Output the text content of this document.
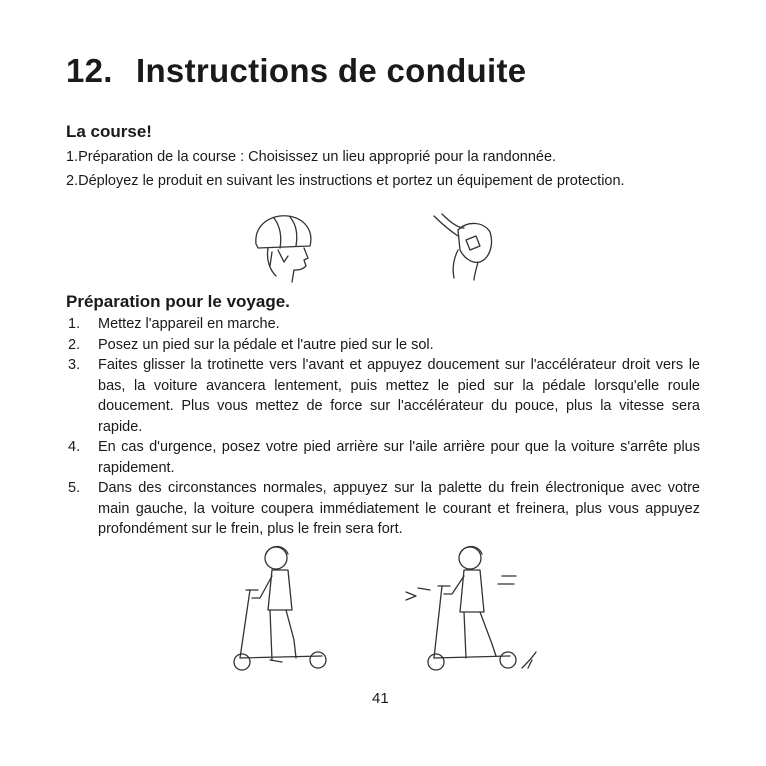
12. Instructions de conduite
La course!

1.Préparation de la course : Choisissez un lieu approprié pour la randonnée.

2.Déployez le produit en suivant les instructions et portez un équipement de protection.

Préparation pour le voyage.
1. Mettez l'appareil en marche.
2. Posez un pied sur la pédale et l'autre pied sur le sol.
3. Faites glisser la trotinette vers l'avant et appuyez doucement sur l'accélérateur droit vers le bas, la voiture avancera lentement, puis mettez le pied sur la pédale lorsqu'elle roule doucement. Plus vous mettez de force sur l'accélérateur du pouce, plus la vitesse sera rapide.
4. En cas d'urgence, posez votre pied arrière sur l'aile arrière pour que la voiture s'arrête plus rapidement.
5. Dans des circonstances normales, appuyez sur la palette du frein électronique avec votre main gauche, la voiture coupera immédiatement le courant et freinera, plus vous appuyez profondément sur le frein, plus le frein sera fort.
41
